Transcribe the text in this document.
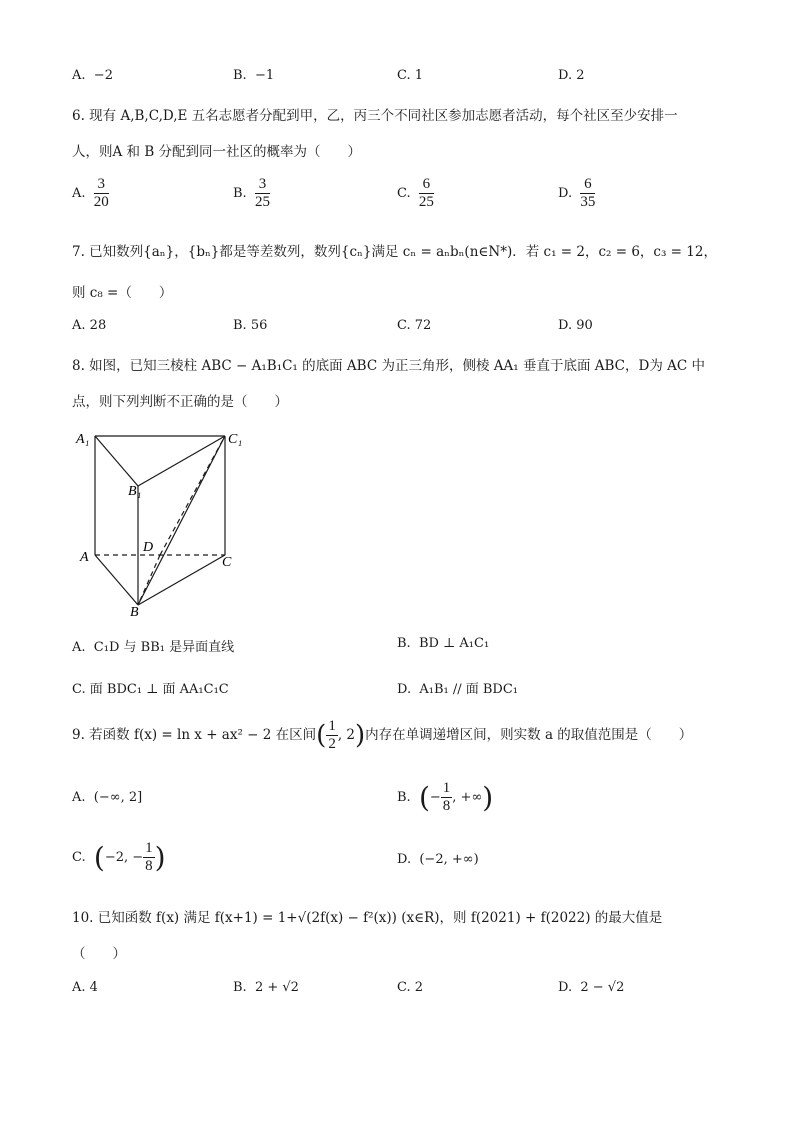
A. −2	B. −1	C. 1	D. 2
6. 现有 A,B,C,D,E 五名志愿者分配到甲，乙，丙三个不同社区参加志愿者活动，每个社区至少安排一
人，则A 和 B 分配到同一社区的概率为（　　）
A. $\frac{3}{20}$	B. $\frac{3}{25}$	C. $\frac{6}{25}$	D. $\frac{6}{35}$
7. 已知数列{aₙ}，{bₙ}都是等差数列，数列{cₙ}满足 cₙ = aₙbₙ(n∈N*)．若 c₁ = 2，c₂ = 6，c₃ = 12，
则 c₈ =（　　）
A. 28	B. 56	C. 72	D. 90
8. 如图，已知三棱柱 ABC − A₁B₁C₁ 的底面 ABC 为正三角形，侧棱 AA₁ 垂直于底面 ABC，D为 AC 中
点，则下列判断不正确的是（　　）
A₁	C₁
B₁
D
A	C
B
A. C₁D 与 BB₁ 是异面直线	B. BD ⊥ A₁C₁
C. 面 BDC₁ ⊥ 面 AA₁C₁C	D. A₁B₁ // 面 BDC₁
9. 若函数 f(x) = ln x + ax² − 2 在区间( $\frac{1}{2}$ , 2)内存在单调递增区间，则实数 a 的取值范围是（　　）
A. (−∞, 2]	B. (− $\frac{1}{8}$ , +∞)
C. (−2, − $\frac{1}{8}$ )	D. (−2, +∞)
10. 已知函数 f(x) 满足 f(x+1) = 1+√(2f(x) − f²(x)) (x∈R)，则 f(2021) + f(2022) 的最大值是
（　　）
A. 4	B. 2 + √2	C. 2	D. 2 − √2
